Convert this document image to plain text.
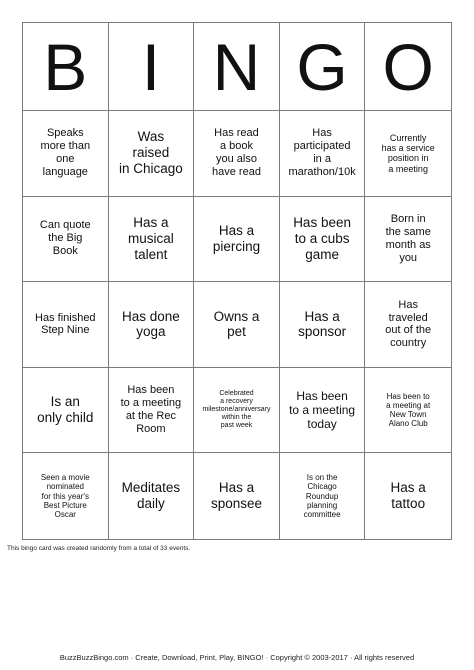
B I N G O
Speaks
more than
one
language
Was
raised
in Chicago
Has read
a book
you also
have read
Has
participated
in a
marathon/10k
Currently
has a service
position in
a meeting
Can quote
the Big
Book
Has a
musical
talent
Has a
piercing
Has been
to a cubs
game
Born in
the same
month as
you
Has finished
Step Nine
Has done
yoga
Owns a
pet
Has a
sponsor
Has
traveled
out of the
country
Is an
only child
Has been
to a meeting
at the Rec
Room
Celebrated
a recovery
milestone/anniversary
within the
past week
Has been
to a meeting
today
Has been to
a meeting at
New Town
Alano Club
Seen a movie
nominated
for this year's
Best Picture
Oscar
Meditates
daily
Has a
sponsee
Is on the
Chicago
Roundup
planning
committee
Has a
tattoo
This bingo card was created randomly from a total of 33 events.
BuzzBuzzBingo.com · Create, Download, Print, Play, BINGO! · Copyright © 2003-2017 · All rights reserved
